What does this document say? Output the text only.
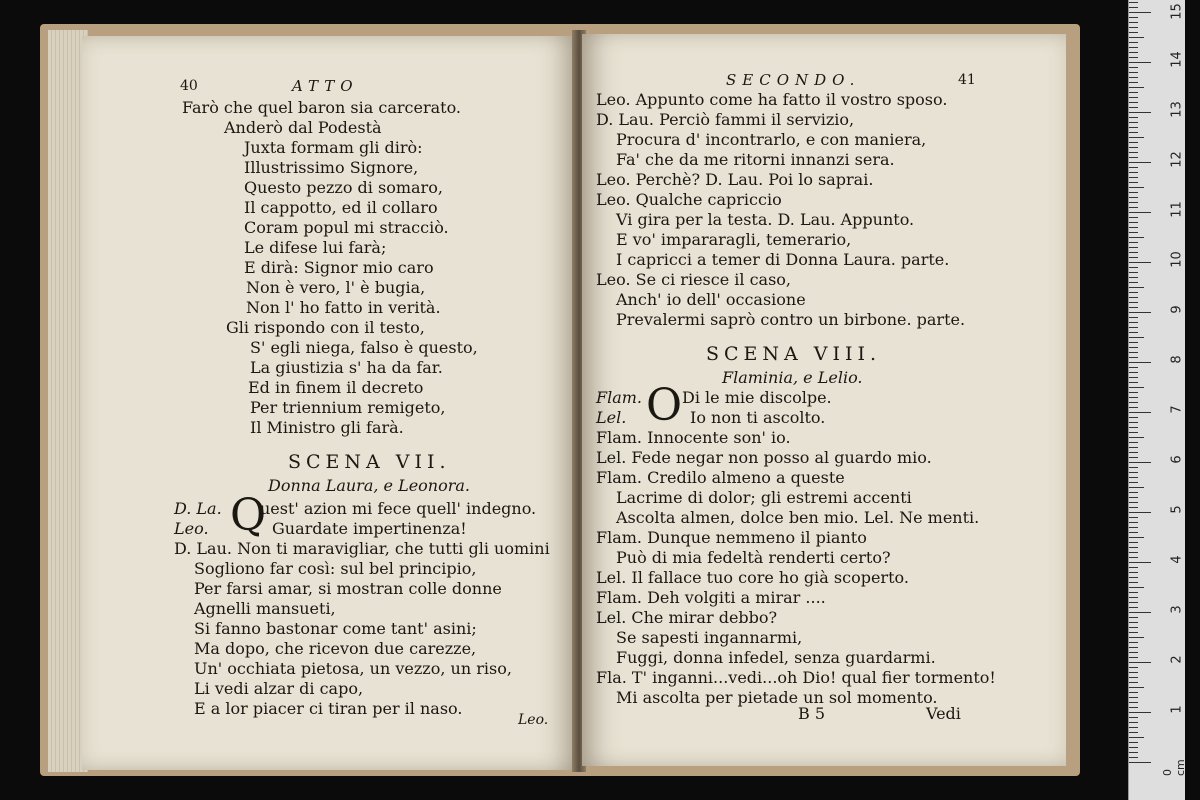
40	ATTO
Farò che quel baron sia carcerato.
Anderò dal Podestà
Juxta formam gli dirò:
Illustrissimo Signore,
Questo pezzo di somaro,
Il cappotto, ed il collaro
Coram popul mi stracciò.
Le difese lui farà;
E dirà: Signor mio caro
Non è vero, l' è bugia,
Non l' ho fatto in verità.
Gli rispondo con il testo,
S' egli niega, falso è questo,
La giustizia s' ha da far.
Ed in finem il decreto
Per triennium remigeto,
Il Ministro gli farà.
SCENA VII.
Donna Laura, e Leonora.
Q
D. La. uest' azion mi fece quell' indegno.
Leo.	Guardate impertinenza!
D. Lau. Non ti maravigliar, che tutti gli uomini
Sogliono far così: sul bel principio,
Per farsi amar, si mostran colle donne
Agnelli mansueti,
Si fanno bastonar come tant' asini;
Ma dopo, che ricevon due carezze,
Un' occhiata pietosa, un vezzo, un riso,
Li vedi alzar di capo,
E a lor piacer ci tiran per il naso.
Leo.
SECONDO.	41
Leo. Appunto come ha fatto il vostro sposo.
D. Lau. Perciò fammi il servizio,
Procura d' incontrarlo, e con maniera,
Fa' che da me ritorni innanzi sera.
Leo. Perchè? D. Lau. Poi lo saprai.
Leo. Qualche capriccio
Vi gira per la testa. D. Lau. Appunto.
E vo' impararagli, temerario,
I capricci a temer di Donna Laura. parte.
Leo. Se ci riesce il caso,
Anch' io dell' occasione
Prevalermi saprò contro un birbone. parte.
SCENA VIII.
Flaminia, e Lelio.
O
Flam. Di le mie discolpe.
Lel.	Io non ti ascolto.
Flam. Innocente son' io.
Lel. Fede negar non posso al guardo mio.
Flam. Credilo almeno a queste
Lacrime di dolor; gli estremi accenti
Ascolta almen, dolce ben mio. Lel. Ne menti.
Flam. Dunque nemmeno il pianto
Può di mia fedeltà renderti certo?
Lel. Il fallace tuo core ho già scoperto.
Flam. Deh volgiti a mirar ....
Lel. Che mirar debbo?
Se sapesti ingannarmi,
Fuggi, donna infedel, senza guardarmi.
Fla. T' inganni...vedi...oh Dio! qual fier tormento!
Mi ascolta per pietade un sol momento.
B 5	Vedi	1
2
3
4
5
6
7
8
9
10
11
12
13
14
15
0 cm
